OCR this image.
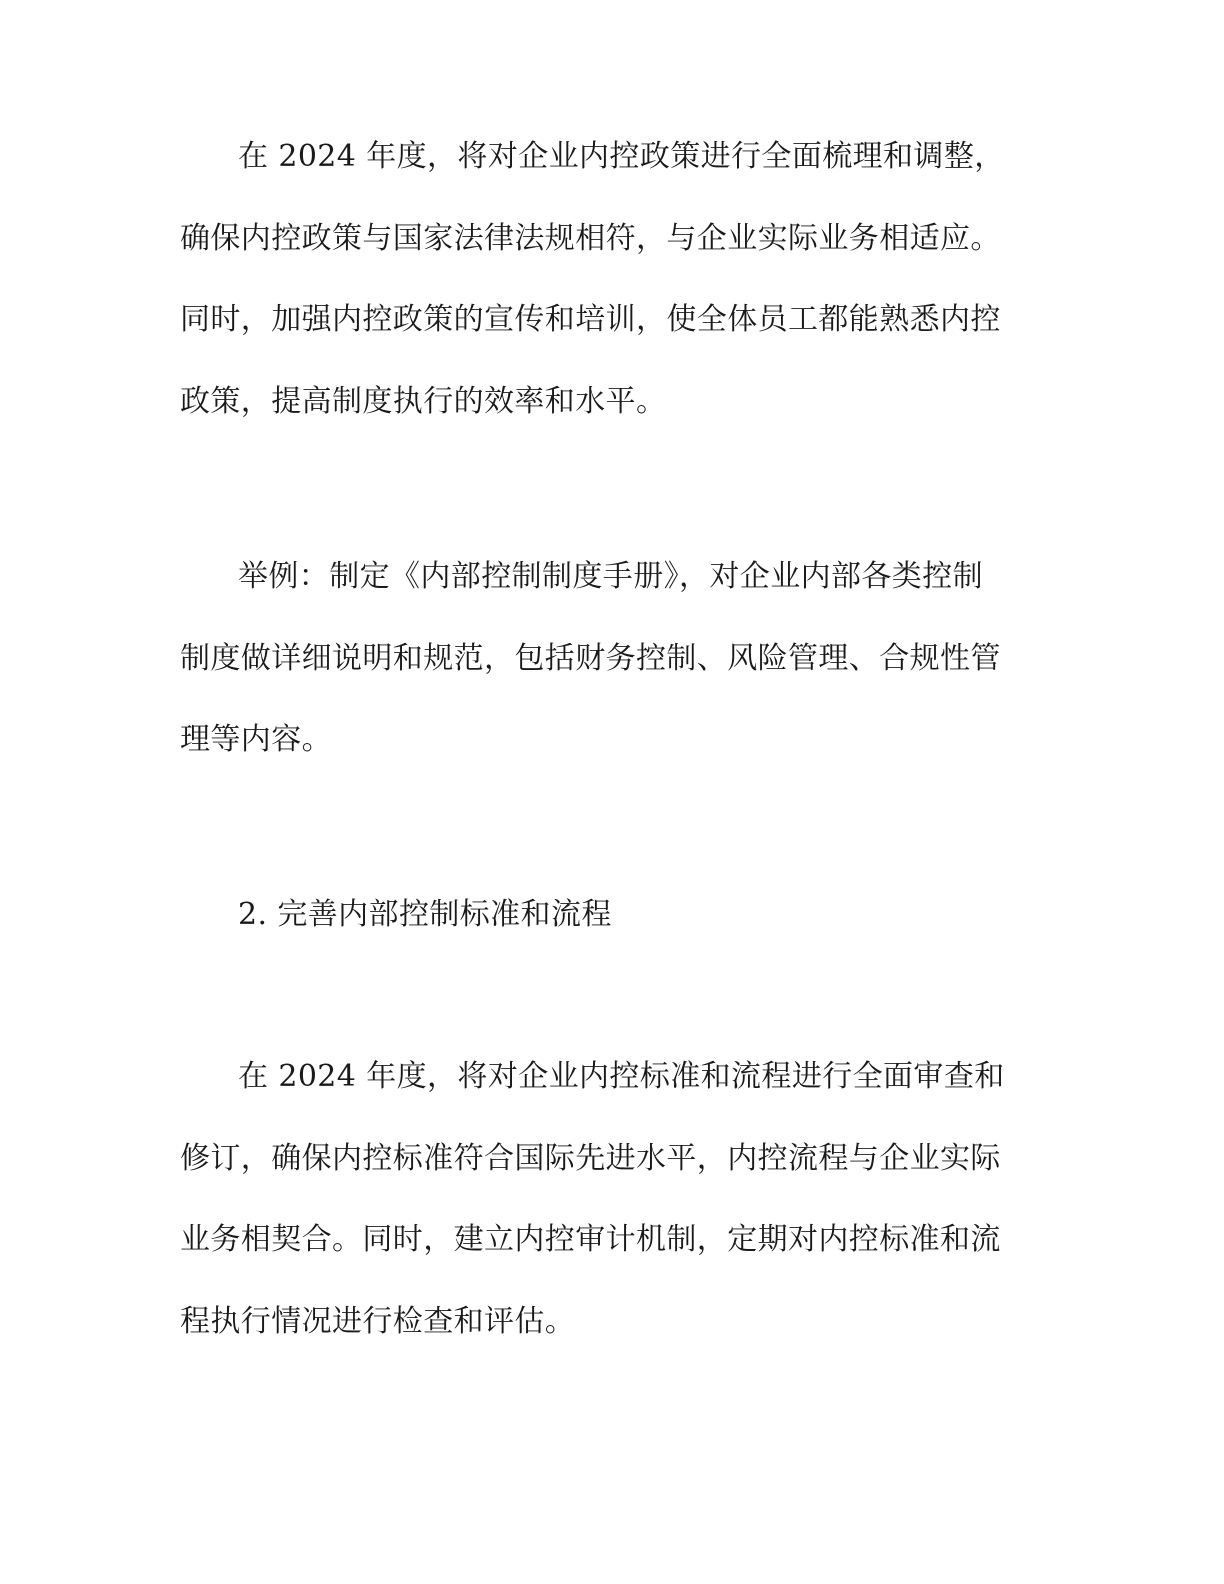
在 2024 年度，将对企业内控政策进行全面梳理和调整，
确保内控政策与国家法律法规相符，与企业实际业务相适应。
同时，加强内控政策的宣传和培训，使全体员工都能熟悉内控
政策，提高制度执行的效率和水平。
举例：制定《内部控制制度手册》，对企业内部各类控制
制度做详细说明和规范，包括财务控制、风险管理、合规性管
理等内容。
2. 完善内部控制标准和流程
在 2024 年度，将对企业内控标准和流程进行全面审查和
修订，确保内控标准符合国际先进水平，内控流程与企业实际
业务相契合。同时，建立内控审计机制，定期对内控标准和流
程执行情况进行检查和评估。
